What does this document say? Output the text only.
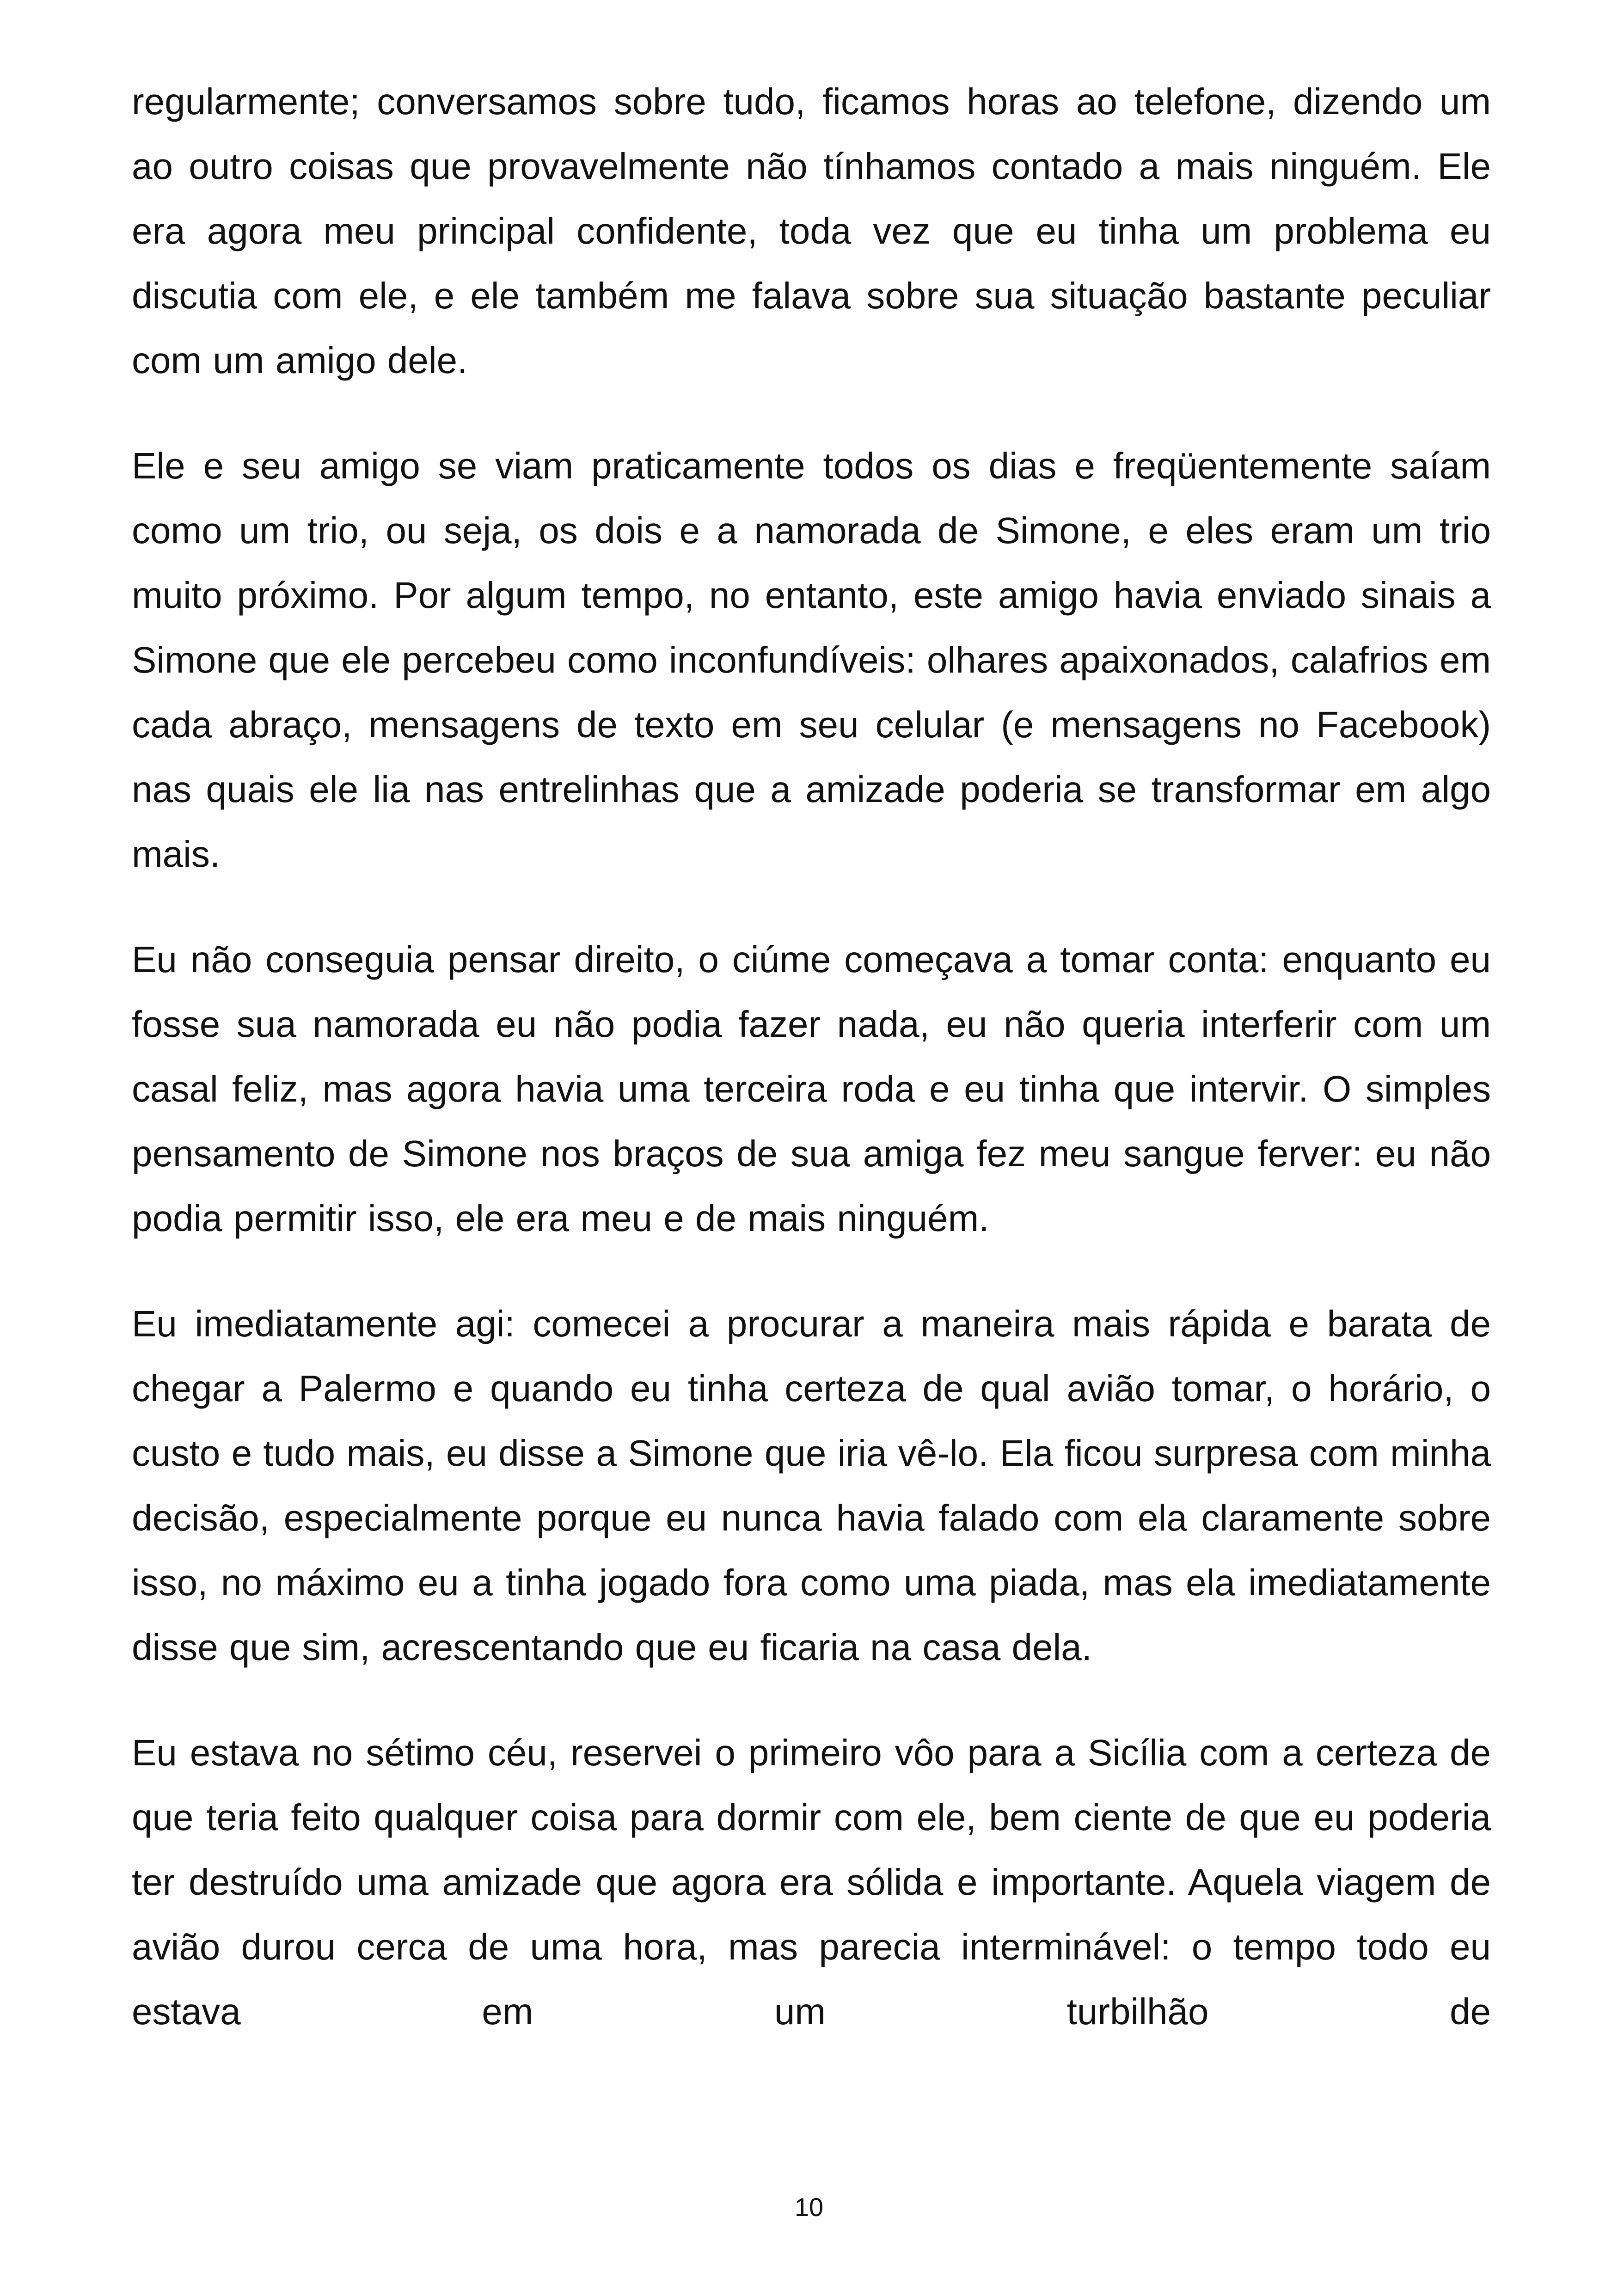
regularmente; conversamos sobre tudo, ficamos horas ao telefone, dizendo um ao outro coisas que provavelmente não tínhamos contado a mais ninguém. Ele era agora meu principal confidente, toda vez que eu tinha um problema eu discutia com ele, e ele também me falava sobre sua situação bastante peculiar com um amigo dele.

Ele e seu amigo se viam praticamente todos os dias e freqüentemente saíam como um trio, ou seja, os dois e a namorada de Simone, e eles eram um trio muito próximo. Por algum tempo, no entanto, este amigo havia enviado sinais a Simone que ele percebeu como inconfundíveis: olhares apaixonados, calafrios em cada abraço, mensagens de texto em seu celular (e mensagens no Facebook) nas quais ele lia nas entrelinhas que a amizade poderia se transformar em algo mais.

Eu não conseguia pensar direito, o ciúme começava a tomar conta: enquanto eu fosse sua namorada eu não podia fazer nada, eu não queria interferir com um casal feliz, mas agora havia uma terceira roda e eu tinha que intervir. O simples pensamento de Simone nos braços de sua amiga fez meu sangue ferver: eu não podia permitir isso, ele era meu e de mais ninguém.

Eu imediatamente agi: comecei a procurar a maneira mais rápida e barata de chegar a Palermo e quando eu tinha certeza de qual avião tomar, o horário, o custo e tudo mais, eu disse a Simone que iria vê-lo. Ela ficou surpresa com minha decisão, especialmente porque eu nunca havia falado com ela claramente sobre isso, no máximo eu a tinha jogado fora como uma piada, mas ela imediatamente disse que sim, acrescentando que eu ficaria na casa dela.

Eu estava no sétimo céu, reservei o primeiro vôo para a Sicília com a certeza de que teria feito qualquer coisa para dormir com ele, bem ciente de que eu poderia ter destruído uma amizade que agora era sólida e importante. Aquela viagem de avião durou cerca de uma hora, mas parecia interminável: o tempo todo eu estava em um turbilhão de

10
